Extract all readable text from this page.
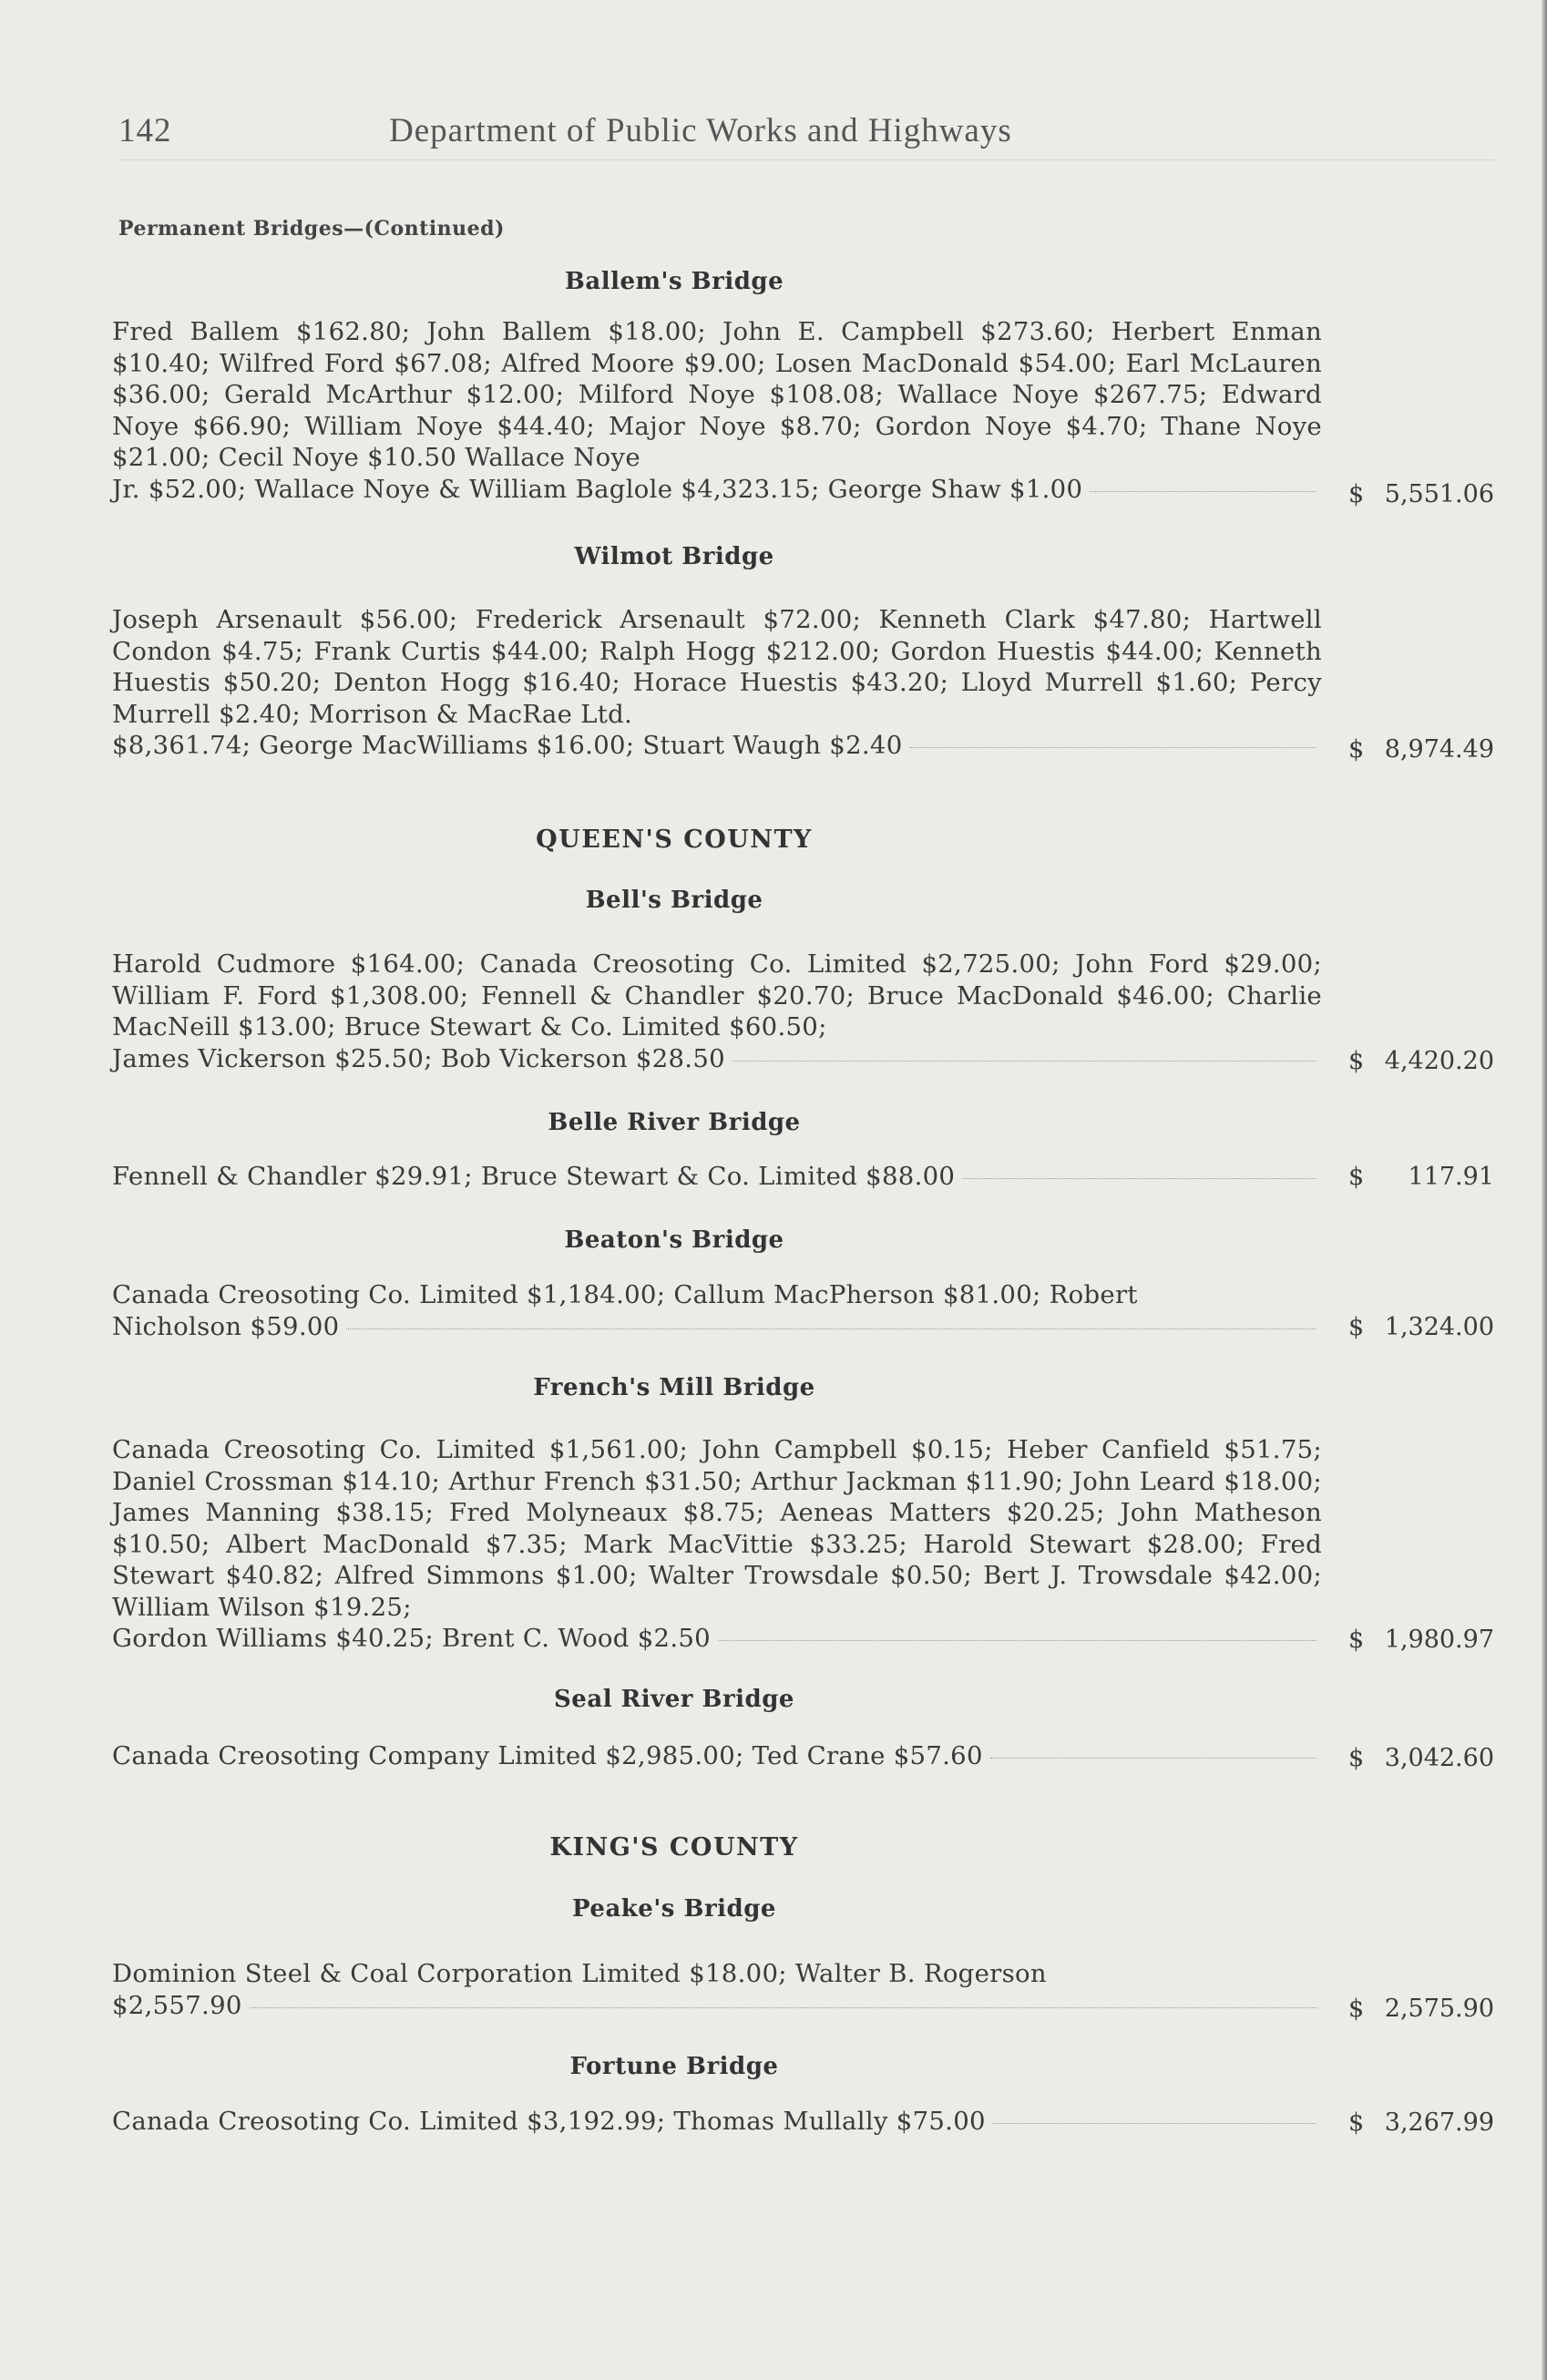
142	Department of Public Works and Highways
Permanent Bridges—(Continued)
Ballem's Bridge
Fred Ballem $162.80; John Ballem $18.00; John E. Campbell $273.60; Herbert Enman $10.40; Wilfred Ford $67.08; Alfred Moore $9.00; Losen MacDonald $54.00; Earl McLauren $36.00; Gerald McArthur $12.00; Milford Noye $108.08; Wallace Noye $267.75; Edward Noye $66.90; William Noye $44.40; Major Noye $8.70; Gordon Noye $4.70; Thane Noye $21.00; Cecil Noye $10.50 Wallace Noye
Jr. $52.00; Wallace Noye & William Baglole $4,323.15; George Shaw $1.00	$ 5,551.06
Wilmot Bridge
Joseph Arsenault $56.00; Frederick Arsenault $72.00; Kenneth Clark $47.80; Hartwell Condon $4.75; Frank Curtis $44.00; Ralph Hogg $212.00; Gordon Huestis $44.00; Kenneth Huestis $50.20; Denton Hogg $16.40; Horace Huestis $43.20; Lloyd Murrell $1.60; Percy Murrell $2.40; Morrison & MacRae Ltd.
$8,361.74; George MacWilliams $16.00; Stuart Waugh $2.40	$ 8,974.49
QUEEN'S COUNTY
Bell's Bridge
Harold Cudmore $164.00; Canada Creosoting Co. Limited $2,725.00; John Ford $29.00; William F. Ford $1,308.00; Fennell & Chandler $20.70; Bruce MacDonald $46.00; Charlie MacNeill $13.00; Bruce Stewart & Co. Limited $60.50;
James Vickerson $25.50; Bob Vickerson $28.50	$ 4,420.20
Belle River Bridge
Fennell & Chandler $29.91; Bruce Stewart & Co. Limited $88.00	$ 117.91
Beaton's Bridge
Canada Creosoting Co. Limited $1,184.00; Callum MacPherson $81.00; Robert
Nicholson $59.00	$ 1,324.00
French's Mill Bridge
Canada Creosoting Co. Limited $1,561.00; John Campbell $0.15; Heber Canfield $51.75; Daniel Crossman $14.10; Arthur French $31.50; Arthur Jackman $11.90; John Leard $18.00; James Manning $38.15; Fred Molyneaux $8.75; Aeneas Matters $20.25; John Matheson $10.50; Albert MacDonald $7.35; Mark MacVittie $33.25; Harold Stewart $28.00; Fred Stewart $40.82; Alfred Simmons $1.00; Walter Trowsdale $0.50; Bert J. Trowsdale $42.00; William Wilson $19.25;
Gordon Williams $40.25; Brent C. Wood $2.50	$ 1,980.97
Seal River Bridge
Canada Creosoting Company Limited $2,985.00; Ted Crane $57.60	$ 3,042.60
KING'S COUNTY
Peake's Bridge
Dominion Steel & Coal Corporation Limited $18.00; Walter B. Rogerson
$2,557.90	$ 2,575.90
Fortune Bridge
Canada Creosoting Co. Limited $3,192.99; Thomas Mullally $75.00	$ 3,267.99
